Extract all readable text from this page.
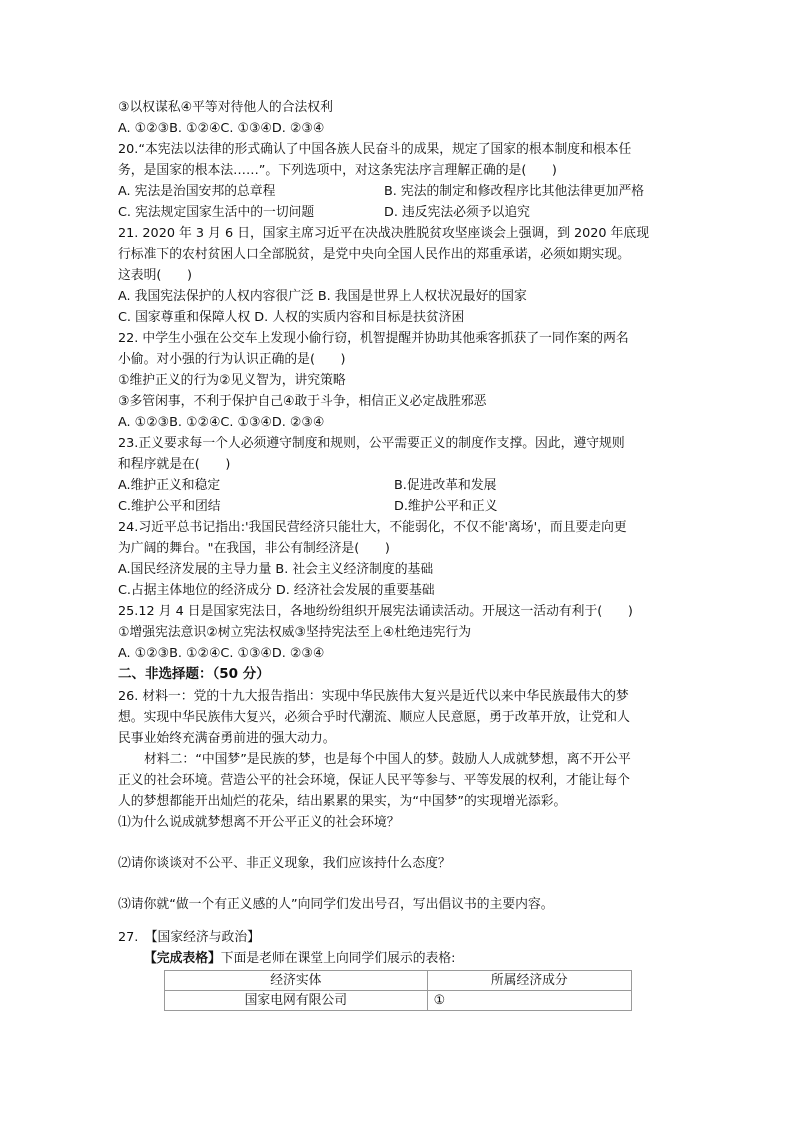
③以权谋私④平等对待他人的合法权利
A. ①②③B. ①②④C. ①③④D. ②③④
20.“本宪法以法律的形式确认了中国各族人民奋斗的成果，规定了国家的根本制度和根本任
务，是国家的根本法……”。下列选项中，对这条宪法序言理解正确的是(　　)
A. 宪法是治国安邦的总章程	B. 宪法的制定和修改程序比其他法律更加严格
C. 宪法规定国家生活中的一切问题	D. 违反宪法必须予以追究
21. 2020 年 3 月 6 日，国家主席习近平在决战决胜脱贫攻坚座谈会上强调，到 2020 年底现
行标准下的农村贫困人口全部脱贫，是党中央向全国人民作出的郑重承诺，必须如期实现。
这表明(　　)
A. 我国宪法保护的人权内容很广泛 B. 我国是世界上人权状况最好的国家
C. 国家尊重和保障人权 D. 人权的实质内容和目标是扶贫济困
22. 中学生小强在公交车上发现小偷行窃，机智提醒并协助其他乘客抓获了一同作案的两名
小偷。对小强的行为认识正确的是(　　)
①维护正义的行为②见义智为，讲究策略
③多管闲事，不利于保护自己④敢于斗争，相信正义必定战胜邪恶
A. ①②③B. ①②④C. ①③④D. ②③④
23.正义要求每一个人必须遵守制度和规则，公平需要正义的制度作支撑。因此，遵守规则
和程序就是在(　　)
A.维护正义和稳定	B.促进改革和发展
C.维护公平和团结	D.维护公平和正义
24.习近平总书记指出:'我国民营经济只能壮大，不能弱化，不仅不能'离场'，而且要走向更
为广阔的舞台。"在我国，非公有制经济是(　　)
A.国民经济发展的主导力量 B. 社会主义经济制度的基础
C.占据主体地位的经济成分 D. 经济社会发展的重要基础
25.12 月 4 日是国家宪法日，各地纷纷组织开展宪法诵读活动。开展这一活动有利于(　　)
①增强宪法意识②树立宪法权威③坚持宪法至上④杜绝违宪行为
A. ①②③B. ①②④C. ①③④D. ②③④
二、非选择题：（50 分）
26. 材料一：党的十九大报告指出：实现中华民族伟大复兴是近代以来中华民族最伟大的梦
想。实现中华民族伟大复兴，必须合乎时代潮流、顺应人民意愿，勇于改革开放，让党和人
民事业始终充满奋勇前进的强大动力。
材料二：“中国梦”是民族的梦，也是每个中国人的梦。鼓励人人成就梦想，离不开公平
正义的社会环境。营造公平的社会环境，保证人民平等参与、平等发展的权利，才能让每个
人的梦想都能开出灿烂的花朵，结出累累的果实，为“中国梦”的实现增光添彩。
⑴为什么说成就梦想离不开公平正义的社会环境？
⑵请你谈谈对不公平、非正义现象，我们应该持什么态度？
⑶请你就“做一个有正义感的人”向同学们发出号召，写出倡议书的主要内容。
27.　【国家经济与政治】
【完成表格】下面是老师在课堂上向同学们展示的表格:
经济实体	所属经济成分
国家电网有限公司	①
